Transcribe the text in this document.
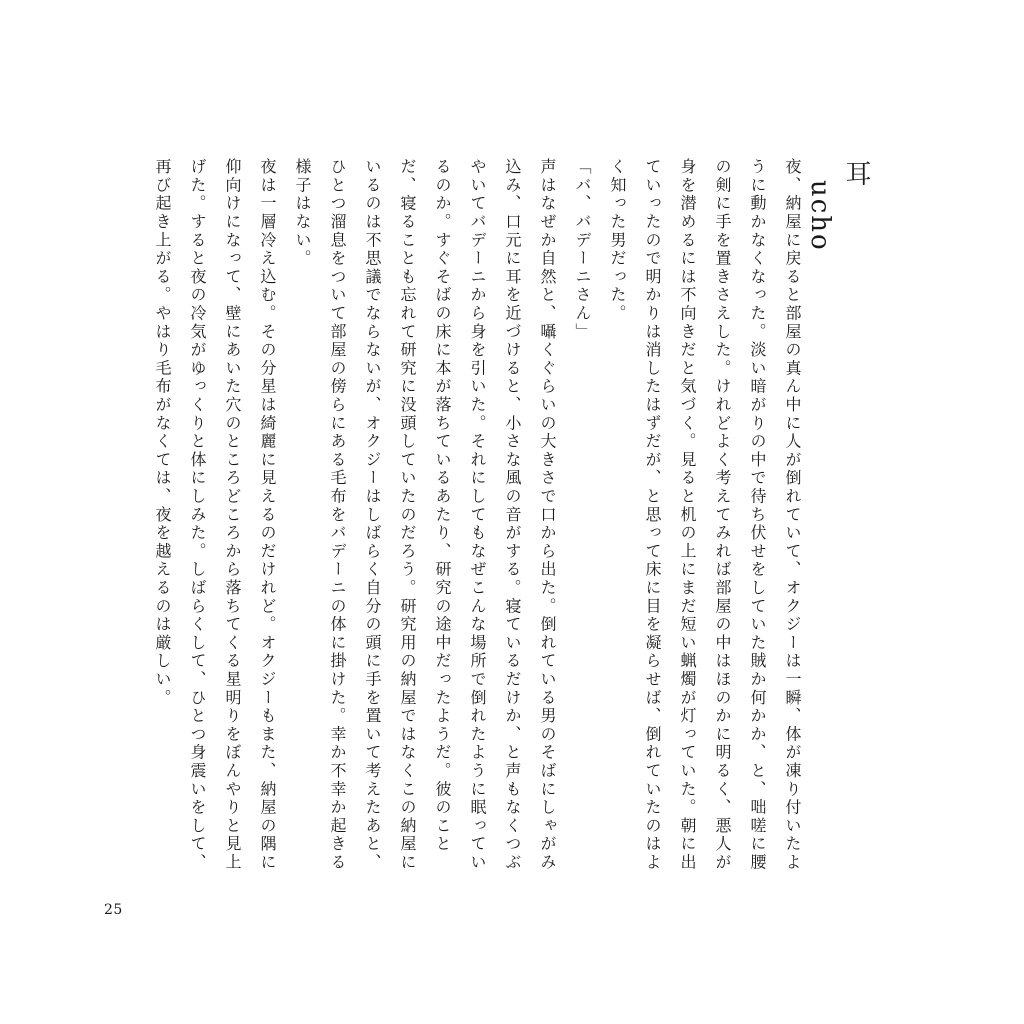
耳 ucho

夜、納屋に戻ると部屋の真ん中に人が倒れていて、オクジーは一瞬、体が凍り付いたように動かなくなった。淡い暗がりの中で待ち伏せをしていた賊か何かか、と、咄嗟に腰の剣に手を置きさえした。けれどよく考えてみれば部屋の中はほのかに明るく、悪人が身を潜めるには不向きだと気づく。見ると机の上にまだ短い蝋燭が灯っていた。朝に出ていったので明かりは消したはずだが、と思って床に目を凝らせば、倒れていたのはよく知った男だった。

「バ、バデーニさん」

声はなぜか自然と、囁くぐらいの大きさで口から出た。倒れている男のそばにしゃがみ込み、口元に耳を近づけると、小さな風の音がする。寝ているだけか、と声もなくつぶやいてバデーニから身を引いた。それにしてもなぜこんな場所で倒れたように眠っているのか。すぐそばの床に本が落ちているあたり、研究の途中だったようだ。彼のことだ、寝ることも忘れて研究に没頭していたのだろう。研究用の納屋ではなくこの納屋にいるのは不思議でならないが、オクジーはしばらく自分の頭に手を置いて考えたあと、ひとつ溜息をついて部屋の傍らにある毛布をバデーニの体に掛けた。幸か不幸か起きる様子はない。

夜は一層冷え込む。その分星は綺麗に見えるのだけれど。オクジーもまた、納屋の隅に仰向けになって、壁にあいた穴のところどころから落ちてくる星明りをぼんやりと見上げた。すると夜の冷気がゆっくりと体にしみた。しばらくして、ひとつ身震いをして、再び起き上がる。やはり毛布がなくては、夜を越えるのは厳しい。

25
